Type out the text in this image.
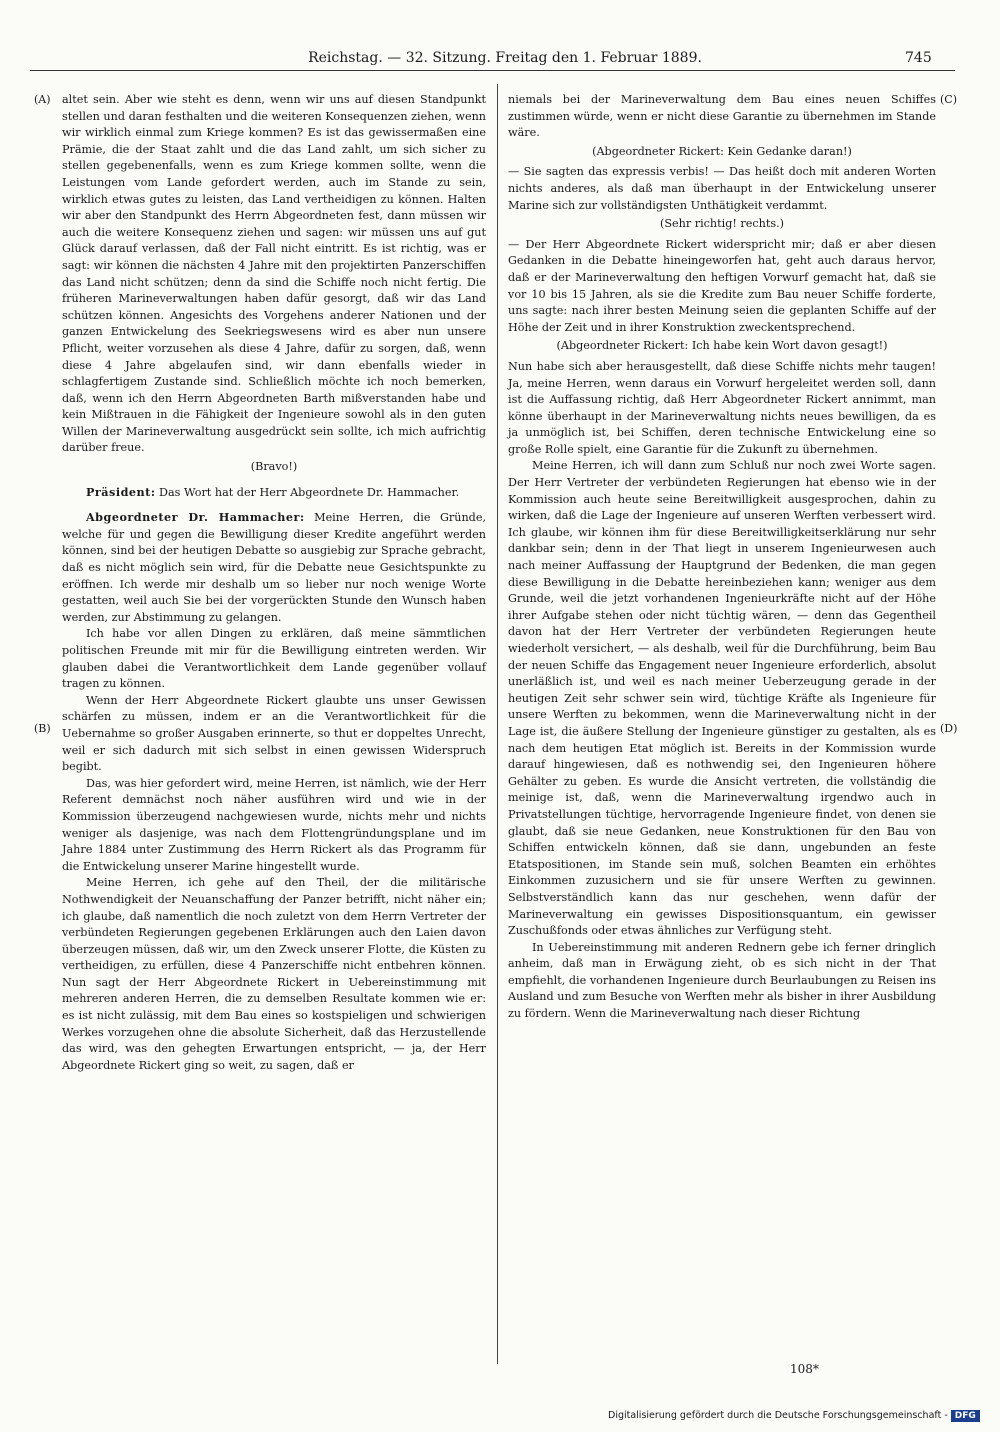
Reichstag. — 32. Sitzung. Freitag den 1. Februar 1889.	745
(A)
(B)
(C)
(D)

altet sein. Aber wie steht es denn, wenn wir uns auf diesen Standpunkt stellen und daran festhalten und die weiteren Konsequenzen ziehen, wenn wir wirklich einmal zum Kriege kommen? Es ist das gewissermaßen eine Prämie, die der Staat zahlt und die das Land zahlt, um sich sicher zu stellen gegebenenfalls, wenn es zum Kriege kommen sollte, wenn die Leistungen vom Lande gefordert werden, auch im Stande zu sein, wirklich etwas gutes zu leisten, das Land vertheidigen zu können. Halten wir aber den Standpunkt des Herrn Abgeordneten fest, dann müssen wir auch die weitere Konsequenz ziehen und sagen: wir müssen uns auf gut Glück darauf verlassen, daß der Fall nicht eintritt. Es ist richtig, was er sagt: wir können die nächsten 4 Jahre mit den projektirten Panzerschiffen das Land nicht schützen; denn da sind die Schiffe noch nicht fertig. Die früheren Marineverwaltungen haben dafür gesorgt, daß wir das Land schützen können. Angesichts des Vorgehens anderer Nationen und der ganzen Entwickelung des Seekriegswesens wird es aber nun unsere Pflicht, weiter vorzusehen als diese 4 Jahre, dafür zu sorgen, daß, wenn diese 4 Jahre abgelaufen sind, wir dann ebenfalls wieder in schlagfertigem Zustande sind. Schließlich möchte ich noch bemerken, daß, wenn ich den Herrn Abgeordneten Barth mißverstanden habe und kein Mißtrauen in die Fähigkeit der Ingenieure sowohl als in den guten Willen der Marineverwaltung ausgedrückt sein sollte, ich mich aufrichtig darüber freue.

(Bravo!)

Präsident: Das Wort hat der Herr Abgeordnete Dr. Hammacher.

Abgeordneter Dr. Hammacher: Meine Herren, die Gründe, welche für und gegen die Bewilligung dieser Kredite angeführt werden können, sind bei der heutigen Debatte so ausgiebig zur Sprache gebracht, daß es nicht möglich sein wird, für die Debatte neue Gesichtspunkte zu eröffnen. Ich werde mir deshalb um so lieber nur noch wenige Worte gestatten, weil auch Sie bei der vorgerückten Stunde den Wunsch haben werden, zur Abstimmung zu gelangen.

Ich habe vor allen Dingen zu erklären, daß meine sämmtlichen politischen Freunde mit mir für die Bewilligung eintreten werden. Wir glauben dabei die Verantwortlichkeit dem Lande gegenüber vollauf tragen zu können.

Wenn der Herr Abgeordnete Rickert glaubte uns unser Gewissen schärfen zu müssen, indem er an die Verantwortlichkeit für die Uebernahme so großer Ausgaben erinnerte, so thut er doppeltes Unrecht, weil er sich dadurch mit sich selbst in einen gewissen Widerspruch begibt.

Das, was hier gefordert wird, meine Herren, ist nämlich, wie der Herr Referent demnächst noch näher ausführen wird und wie in der Kommission überzeugend nachgewiesen wurde, nichts mehr und nichts weniger als dasjenige, was nach dem Flottengründungsplane und im Jahre 1884 unter Zustimmung des Herrn Rickert als das Programm für die Entwickelung unserer Marine hingestellt wurde.

Meine Herren, ich gehe auf den Theil, der die militärische Nothwendigkeit der Neuanschaffung der Panzer betrifft, nicht näher ein; ich glaube, daß namentlich die noch zuletzt von dem Herrn Vertreter der verbündeten Regierungen gegebenen Erklärungen auch den Laien davon überzeugen müssen, daß wir, um den Zweck unserer Flotte, die Küsten zu vertheidigen, zu erfüllen, diese 4 Panzerschiffe nicht entbehren können. Nun sagt der Herr Abgeordnete Rickert in Uebereinstimmung mit mehreren anderen Herren, die zu demselben Resultate kommen wie er: es ist nicht zulässig, mit dem Bau eines so kostspieligen und schwierigen Werkes vorzugehen ohne die absolute Sicherheit, daß das Herzustellende das wird, was den gehegten Erwartungen entspricht, — ja, der Herr Abgeordnete Rickert ging so weit, zu sagen, daß er

niemals bei der Marineverwaltung dem Bau eines neuen Schiffes zustimmen würde, wenn er nicht diese Garantie zu übernehmen im Stande wäre.

(Abgeordneter Rickert: Kein Gedanke daran!)

— Sie sagten das expressis verbis! — Das heißt doch mit anderen Worten nichts anderes, als daß man überhaupt in der Entwickelung unserer Marine sich zur vollständigsten Unthätigkeit verdammt.

(Sehr richtig! rechts.)

— Der Herr Abgeordnete Rickert widerspricht mir; daß er aber diesen Gedanken in die Debatte hineingeworfen hat, geht auch daraus hervor, daß er der Marineverwaltung den heftigen Vorwurf gemacht hat, daß sie vor 10 bis 15 Jahren, als sie die Kredite zum Bau neuer Schiffe forderte, uns sagte: nach ihrer besten Meinung seien die geplanten Schiffe auf der Höhe der Zeit und in ihrer Konstruktion zweckentsprechend.

(Abgeordneter Rickert: Ich habe kein Wort davon gesagt!)

Nun habe sich aber herausgestellt, daß diese Schiffe nichts mehr taugen! Ja, meine Herren, wenn daraus ein Vorwurf hergeleitet werden soll, dann ist die Auffassung richtig, daß Herr Abgeordneter Rickert annimmt, man könne überhaupt in der Marineverwaltung nichts neues bewilligen, da es ja unmöglich ist, bei Schiffen, deren technische Entwickelung eine so große Rolle spielt, eine Garantie für die Zukunft zu übernehmen.

Meine Herren, ich will dann zum Schluß nur noch zwei Worte sagen. Der Herr Vertreter der verbündeten Regierungen hat ebenso wie in der Kommission auch heute seine Bereitwilligkeit ausgesprochen, dahin zu wirken, daß die Lage der Ingenieure auf unseren Werften verbessert wird. Ich glaube, wir können ihm für diese Bereitwilligkeitserklärung nur sehr dankbar sein; denn in der That liegt in unserem Ingenieurwesen auch nach meiner Auffassung der Hauptgrund der Bedenken, die man gegen diese Bewilligung in die Debatte hereinbeziehen kann; weniger aus dem Grunde, weil die jetzt vorhandenen Ingenieurkräfte nicht auf der Höhe ihrer Aufgabe stehen oder nicht tüchtig wären, — denn das Gegentheil davon hat der Herr Vertreter der verbündeten Regierungen heute wiederholt versichert, — als deshalb, weil für die Durchführung, beim Bau der neuen Schiffe das Engagement neuer Ingenieure erforderlich, absolut unerläßlich ist, und weil es nach meiner Ueberzeugung gerade in der heutigen Zeit sehr schwer sein wird, tüchtige Kräfte als Ingenieure für unsere Werften zu bekommen, wenn die Marineverwaltung nicht in der Lage ist, die äußere Stellung der Ingenieure günstiger zu gestalten, als es nach dem heutigen Etat möglich ist. Bereits in der Kommission wurde darauf hingewiesen, daß es nothwendig sei, den Ingenieuren höhere Gehälter zu geben. Es wurde die Ansicht vertreten, die vollständig die meinige ist, daß, wenn die Marineverwaltung irgendwo auch in Privatstellungen tüchtige, hervorragende Ingenieure findet, von denen sie glaubt, daß sie neue Gedanken, neue Konstruktionen für den Bau von Schiffen entwickeln können, daß sie dann, ungebunden an feste Etatspositionen, im Stande sein muß, solchen Beamten ein erhöhtes Einkommen zuzusichern und sie für unsere Werften zu gewinnen. Selbstverständlich kann das nur geschehen, wenn dafür der Marineverwaltung ein gewisses Dispositionsquantum, ein gewisser Zuschußfonds oder etwas ähnliches zur Verfügung steht.

In Uebereinstimmung mit anderen Rednern gebe ich ferner dringlich anheim, daß man in Erwägung zieht, ob es sich nicht in der That empfiehlt, die vorhandenen Ingenieure durch Beurlaubungen zu Reisen ins Ausland und zum Besuche von Werften mehr als bisher in ihrer Ausbildung zu fördern. Wenn die Marineverwaltung nach dieser Richtung

108*
Digitalisierung gefördert durch die Deutsche Forschungsgemeinschaft - DFG
